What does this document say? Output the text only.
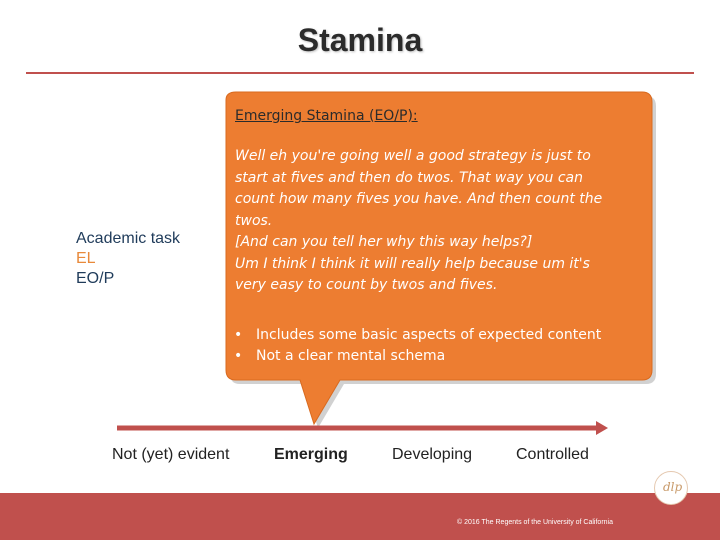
Stamina
Academic task
EL
EO/P
Emerging Stamina (EO/P):
Well eh you're going well a good strategy is just to
start at fives and then do twos. That way you can
count how many fives you have. And then count the
twos.
[And can you tell her why this way helps?]
Um I think I think it will really help because um it's
very easy to count by twos and fives.
• Includes some basic aspects of expected content
• Not a clear mental schema
Not (yet) evident	Emerging	Developing	Controlled
© 2016 The Regents of the University of California
dlp
